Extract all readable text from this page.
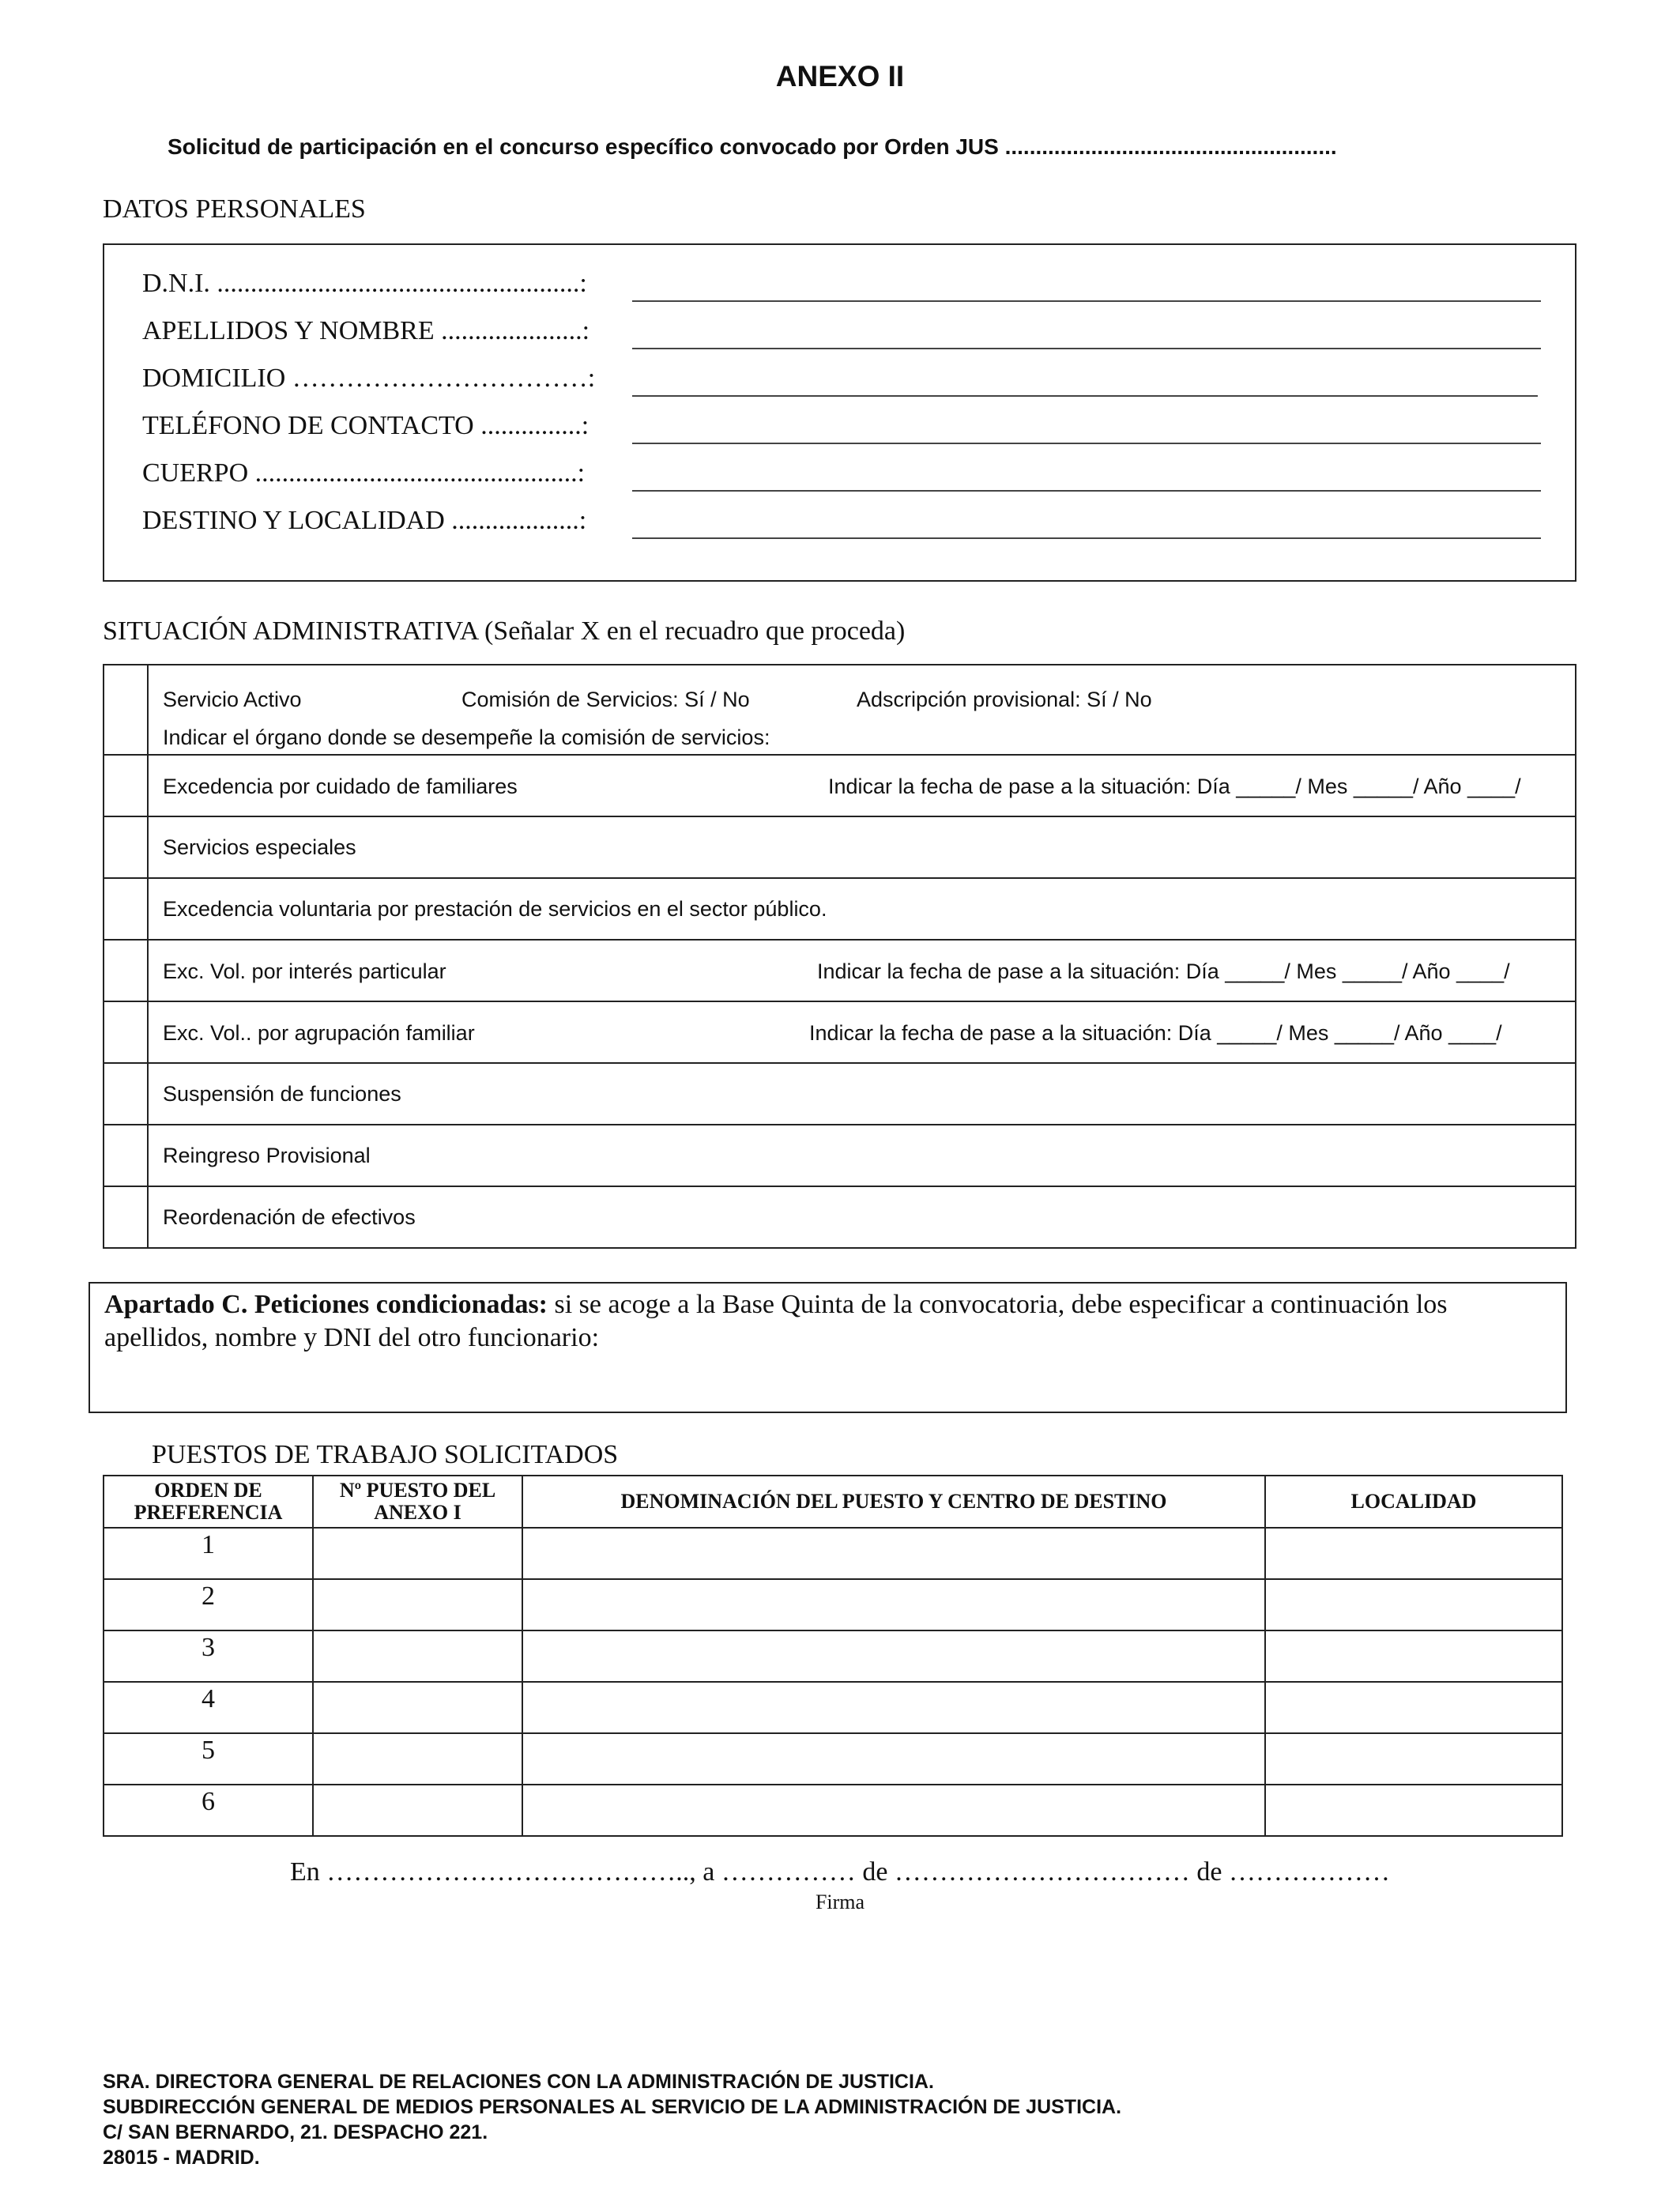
ANEXO II
Solicitud de participación en el concurso específico convocado por Orden JUS ......................................................
DATOS PERSONALES
D.N.I. ......................................................:
APELLIDOS Y NOMBRE .....................:
DOMICILIO ……………………………:
TELÉFONO DE CONTACTO ...............:
CUERPO ................................................:
DESTINO Y LOCALIDAD ...................:
SITUACIÓN ADMINISTRATIVA (Señalar X en el recuadro que proceda)

	Servicio Activo Comisión de Servicios: Sí / No Adscripción provisional: Sí / No
Indicar el órgano donde se desempeñe la comisión de servicios:

	Excedencia por cuidado de familiares Indicar la fecha de pase a la situación: Día _____/ Mes _____/ Año ____/

	Servicios especiales
	Excedencia voluntaria por prestación de servicios en el sector público.

	Exc. Vol. por interés particular Indicar la fecha de pase a la situación: Día _____/ Mes _____/ Año ____/

	Exc. Vol.. por agrupación familiar Indicar la fecha de pase a la situación: Día _____/ Mes _____/ Año ____/

	Suspensión de funciones
	Reingreso Provisional
	Reordenación de efectivos
Apartado C. Peticiones condicionadas: si se acoge a la Base Quinta de la convocatoria, debe especificar a continuación los apellidos, nombre y DNI del otro funcionario:
PUESTOS DE TRABAJO SOLICITADOS
ORDEN DE PREFERENCIA	Nº PUESTO DEL ANEXO I	DENOMINACIÓN DEL PUESTO Y CENTRO DE DESTINO	LOCALIDAD
1			
2			
3			
4			
5			
6			
En ………………………………….., a …………… de …………………………… de ………………
Firma
SRA. DIRECTORA GENERAL DE RELACIONES CON LA ADMINISTRACIÓN DE JUSTICIA.
SUBDIRECCIÓN GENERAL DE MEDIOS PERSONALES AL SERVICIO DE LA ADMINISTRACIÓN DE JUSTICIA.
C/ SAN BERNARDO, 21. DESPACHO 221.
28015 - MADRID.
